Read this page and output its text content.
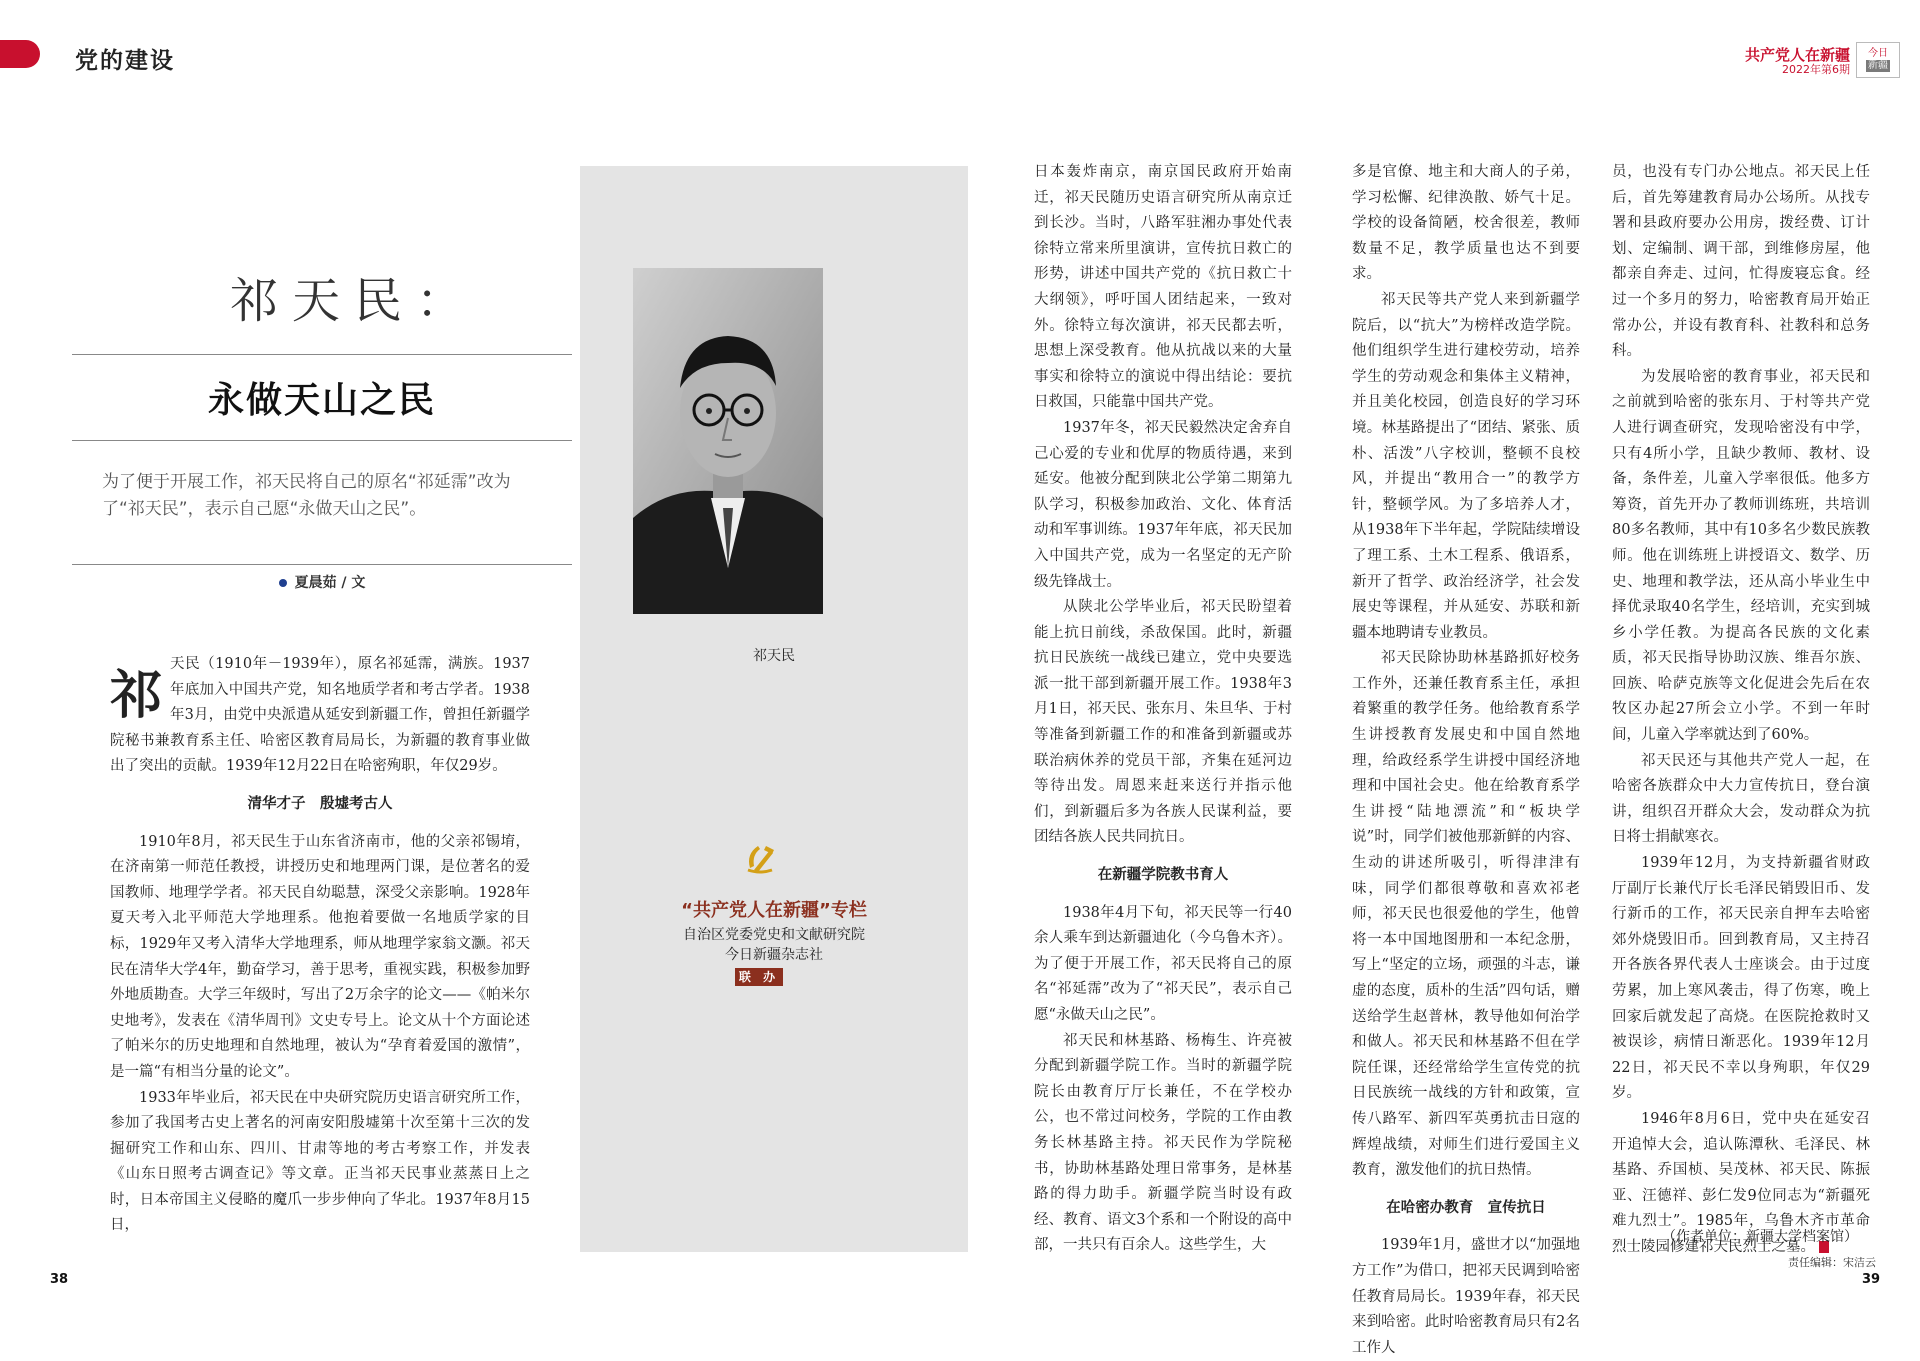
党的建设	共产党人在新疆
2022年第6期
今日
新疆
祁天民：
永做天山之民
为了便于开展工作，祁天民将自己的原名“祁延霈”改为了“祁天民”，表示自己愿“永做天山之民”。
夏晨茹 / 文
祁

天民（1910年－1939年），原名祁延霈，满族。1937年底加入中国共产党，知名地质学者和考古学者。1938年3月，由党中央派遣从延安到新疆工作，曾担任新疆学院秘书兼教育系主任、哈密区教育局局长，为新疆的教育事业做出了突出的贡献。1939年12月22日在哈密殉职，年仅29岁。

清华才子　殷墟考古人

1910年8月，祁天民生于山东省济南市，他的父亲祁锡堉，在济南第一师范任教授，讲授历史和地理两门课，是位著名的爱国教师、地理学学者。祁天民自幼聪慧，深受父亲影响。1928年夏天考入北平师范大学地理系。他抱着要做一名地质学家的目标，1929年又考入清华大学地理系，师从地理学家翁文灏。祁天民在清华大学4年，勤奋学习，善于思考，重视实践，积极参加野外地质勘查。大学三年级时，写出了2万余字的论文——《帕米尔史地考》，发表在《清华周刊》文史专号上。论文从十个方面论述了帕米尔的历史地理和自然地理，被认为“孕育着爱国的激情”，是一篇“有相当分量的论文”。

1933年毕业后，祁天民在中央研究院历史语言研究所工作，参加了我国考古史上著名的河南安阳殷墟第十次至第十三次的发掘研究工作和山东、四川、甘肃等地的考古考察工作，并发表《山东日照考古调查记》等文章。正当祁天民事业蒸蒸日上之时，日本帝国主义侵略的魔爪一步步伸向了华北。1937年8月15日，

祁天民
“共产党人在新疆”专栏
自治区党委党史和文献研究院
今日新疆杂志社
联 办

日本轰炸南京，南京国民政府开始南迁，祁天民随历史语言研究所从南京迁到长沙。当时，八路军驻湘办事处代表徐特立常来所里演讲，宣传抗日救亡的形势，讲述中国共产党的《抗日救亡十大纲领》，呼吁国人团结起来，一致对外。徐特立每次演讲，祁天民都去听，思想上深受教育。他从抗战以来的大量事实和徐特立的演说中得出结论：要抗日救国，只能靠中国共产党。

1937年冬，祁天民毅然决定舍弃自己心爱的专业和优厚的物质待遇，来到延安。他被分配到陕北公学第二期第九队学习，积极参加政治、文化、体育活动和军事训练。1937年年底，祁天民加入中国共产党，成为一名坚定的无产阶级先锋战士。

从陕北公学毕业后，祁天民盼望着能上抗日前线，杀敌保国。此时，新疆抗日民族统一战线已建立，党中央要选派一批干部到新疆开展工作。1938年3月1日，祁天民、张东月、朱旦华、于村等准备到新疆工作的和准备到新疆或苏联治病休养的党员干部，齐集在延河边等待出发。周恩来赶来送行并指示他们，到新疆后多为各族人民谋利益，要团结各族人民共同抗日。

在新疆学院教书育人

1938年4月下旬，祁天民等一行40余人乘车到达新疆迪化（今乌鲁木齐）。为了便于开展工作，祁天民将自己的原名“祁延霈”改为了“祁天民”，表示自己愿“永做天山之民”。

祁天民和林基路、杨梅生、许亮被分配到新疆学院工作。当时的新疆学院院长由教育厅厅长兼任，不在学校办公，也不常过问校务，学院的工作由教务长林基路主持。祁天民作为学院秘书，协助林基路处理日常事务，是林基路的得力助手。新疆学院当时设有政经、教育、语文3个系和一个附设的高中部，一共只有百余人。这些学生，大

多是官僚、地主和大商人的子弟，学习松懈、纪律涣散、娇气十足。学校的设备简陋，校舍很差，教师数量不足，教学质量也达不到要求。

祁天民等共产党人来到新疆学院后，以“抗大”为榜样改造学院。他们组织学生进行建校劳动，培养学生的劳动观念和集体主义精神，并且美化校园，创造良好的学习环境。林基路提出了“团结、紧张、质朴、活泼”八字校训，整顿不良校风，并提出“教用合一”的教学方针，整顿学风。为了多培养人才，从1938年下半年起，学院陆续增设了理工系、土木工程系、俄语系，新开了哲学、政治经济学，社会发展史等课程，并从延安、苏联和新疆本地聘请专业教员。

祁天民除协助林基路抓好校务工作外，还兼任教育系主任，承担着繁重的教学任务。他给教育系学生讲授教育发展史和中国自然地理，给政经系学生讲授中国经济地理和中国社会史。他在给教育系学生讲授“陆地漂流”和“板块学说”时，同学们被他那新鲜的内容、生动的讲述所吸引，听得津津有味，同学们都很尊敬和喜欢祁老师，祁天民也很爱他的学生，他曾将一本中国地图册和一本纪念册，写上“坚定的立场，顽强的斗志，谦虚的态度，质朴的生活”四句话，赠送给学生赵普林，教导他如何治学和做人。祁天民和林基路不但在学院任课，还经常给学生宣传党的抗日民族统一战线的方针和政策，宣传八路军、新四军英勇抗击日寇的辉煌战绩，对师生们进行爱国主义教育，激发他们的抗日热情。

在哈密办教育　宣传抗日

1939年1月，盛世才以“加强地方工作”为借口，把祁天民调到哈密任教育局局长。1939年春，祁天民来到哈密。此时哈密教育局只有2名工作人

员，也没有专门办公地点。祁天民上任后，首先筹建教育局办公场所。从找专署和县政府要办公用房，拨经费、订计划、定编制、调干部，到维修房屋，他都亲自奔走、过问，忙得废寝忘食。经过一个多月的努力，哈密教育局开始正常办公，并设有教育科、社教科和总务科。

为发展哈密的教育事业，祁天民和之前就到哈密的张东月、于村等共产党人进行调查研究，发现哈密没有中学，只有4所小学，且缺少教师、教材、设备，条件差，儿童入学率很低。他多方筹资，首先开办了教师训练班，共培训80多名教师，其中有10多名少数民族教师。他在训练班上讲授语文、数学、历史、地理和教学法，还从高小毕业生中择优录取40名学生，经培训，充实到城乡小学任教。为提高各民族的文化素质，祁天民指导协助汉族、维吾尔族、回族、哈萨克族等文化促进会先后在农牧区办起27所会立小学。不到一年时间，儿童入学率就达到了60%。

祁天民还与其他共产党人一起，在哈密各族群众中大力宣传抗日，登台演讲，组织召开群众大会，发动群众为抗日将士捐献寒衣。

1939年12月，为支持新疆省财政厅副厅长兼代厅长毛泽民销毁旧币、发行新币的工作，祁天民亲自押车去哈密郊外烧毁旧币。回到教育局，又主持召开各族各界代表人士座谈会。由于过度劳累，加上寒风袭击，得了伤寒，晚上回家后就发起了高烧。在医院抢救时又被误诊，病情日渐恶化。1939年12月22日，祁天民不幸以身殉职，年仅29岁。

1946年8月6日，党中央在延安召开追悼大会，追认陈潭秋、毛泽民、林基路、乔国桢、吴茂林、祁天民、陈振亚、汪德祥、彭仁发9位同志为“新疆死难九烈士”。1985年，乌鲁木齐市革命烈士陵园修建祁天民烈士之墓。

（作者单位：新疆大学档案馆）
责任编辑：宋洁云
38	39
